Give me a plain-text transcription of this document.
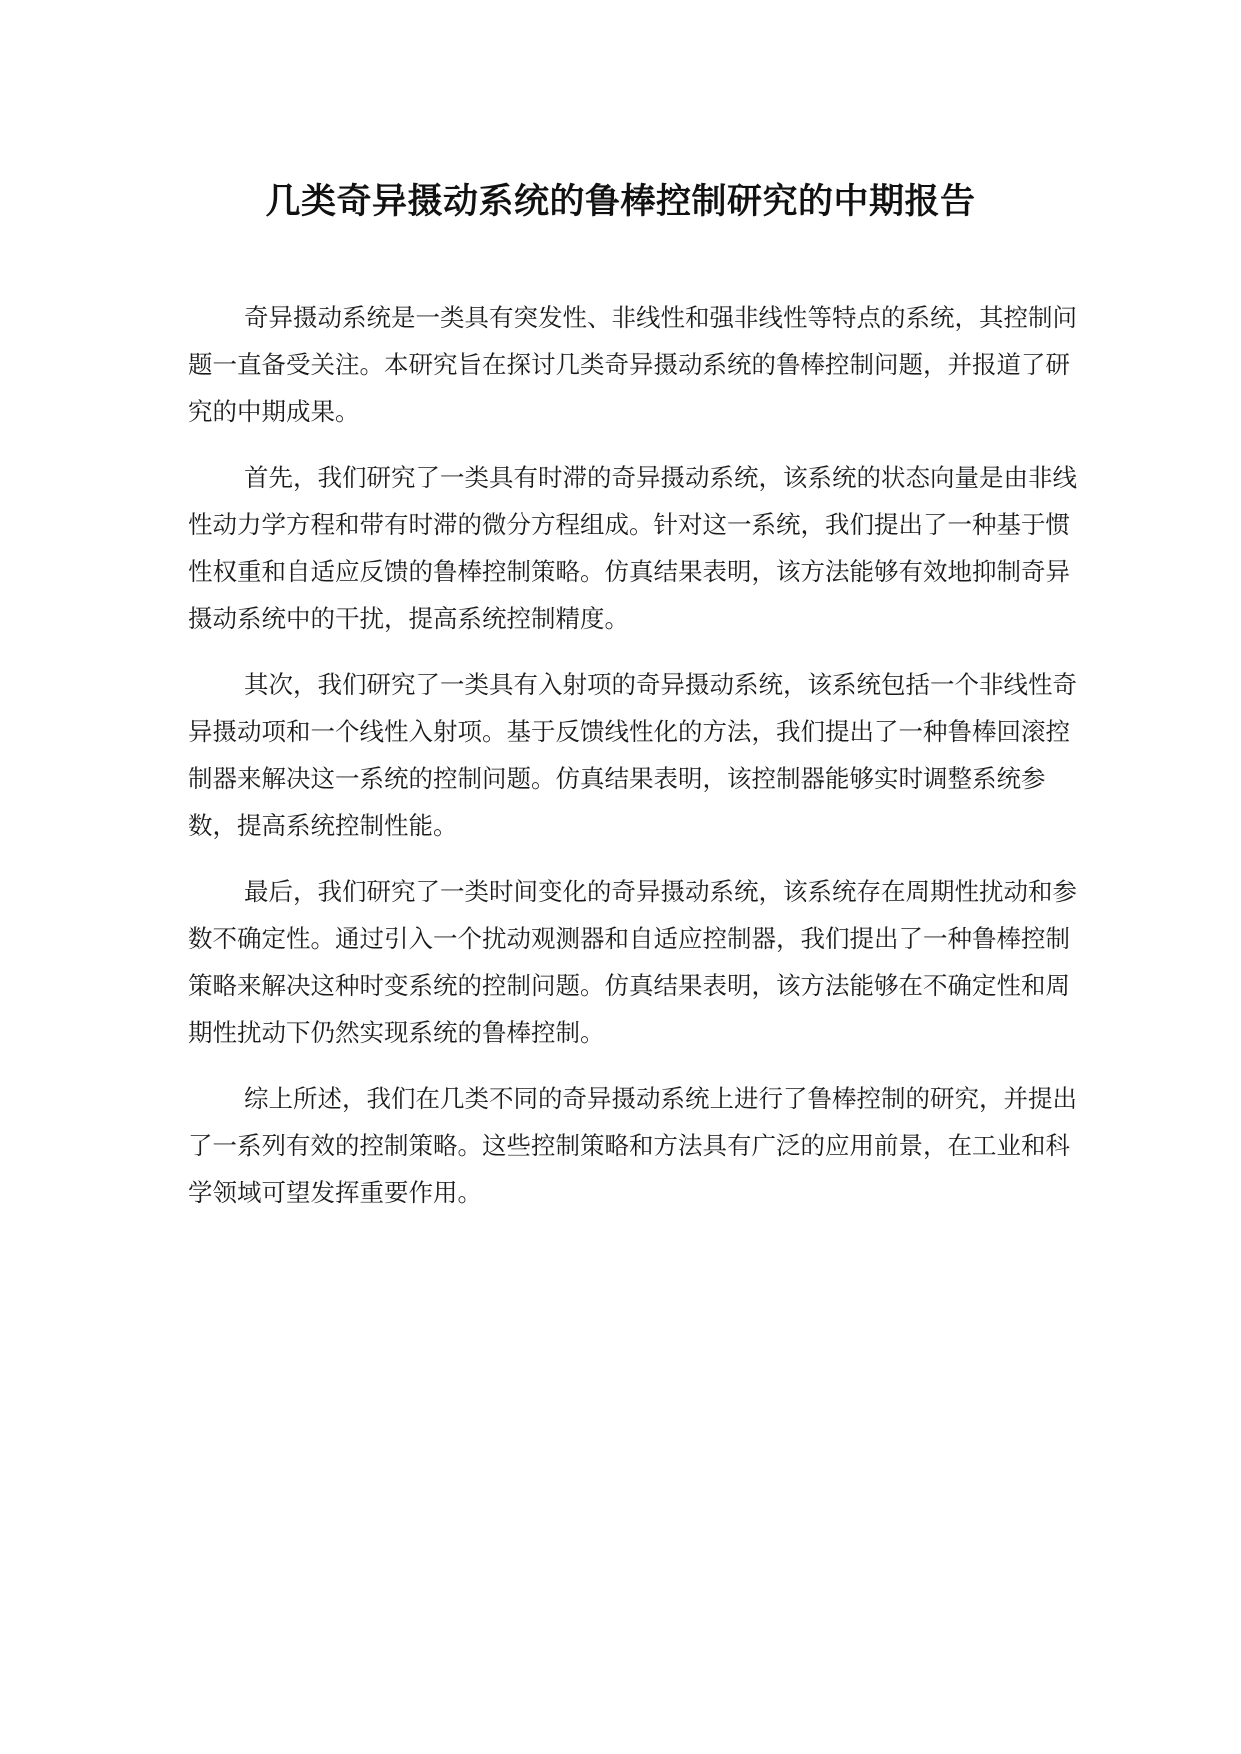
几类奇异摄动系统的鲁棒控制研究的中期报告

奇异摄动系统是一类具有突发性、非线性和强非线性等特点的系统，其控制问题一直备受关注。本研究旨在探讨几类奇异摄动系统的鲁棒控制问题，并报道了研究的中期成果。

首先，我们研究了一类具有时滞的奇异摄动系统，该系统的状态向量是由非线性动力学方程和带有时滞的微分方程组成。针对这一系统，我们提出了一种基于惯性权重和自适应反馈的鲁棒控制策略。仿真结果表明，该方法能够有效地抑制奇异摄动系统中的干扰，提高系统控制精度。

其次，我们研究了一类具有入射项的奇异摄动系统，该系统包括一个非线性奇异摄动项和一个线性入射项。基于反馈线性化的方法，我们提出了一种鲁棒回滚控制器来解决这一系统的控制问题。仿真结果表明，该控制器能够实时调整系统参数，提高系统控制性能。

最后，我们研究了一类时间变化的奇异摄动系统，该系统存在周期性扰动和参数不确定性。通过引入一个扰动观测器和自适应控制器，我们提出了一种鲁棒控制策略来解决这种时变系统的控制问题。仿真结果表明，该方法能够在不确定性和周期性扰动下仍然实现系统的鲁棒控制。

综上所述，我们在几类不同的奇异摄动系统上进行了鲁棒控制的研究，并提出了一系列有效的控制策略。这些控制策略和方法具有广泛的应用前景，在工业和科学领域可望发挥重要作用。
